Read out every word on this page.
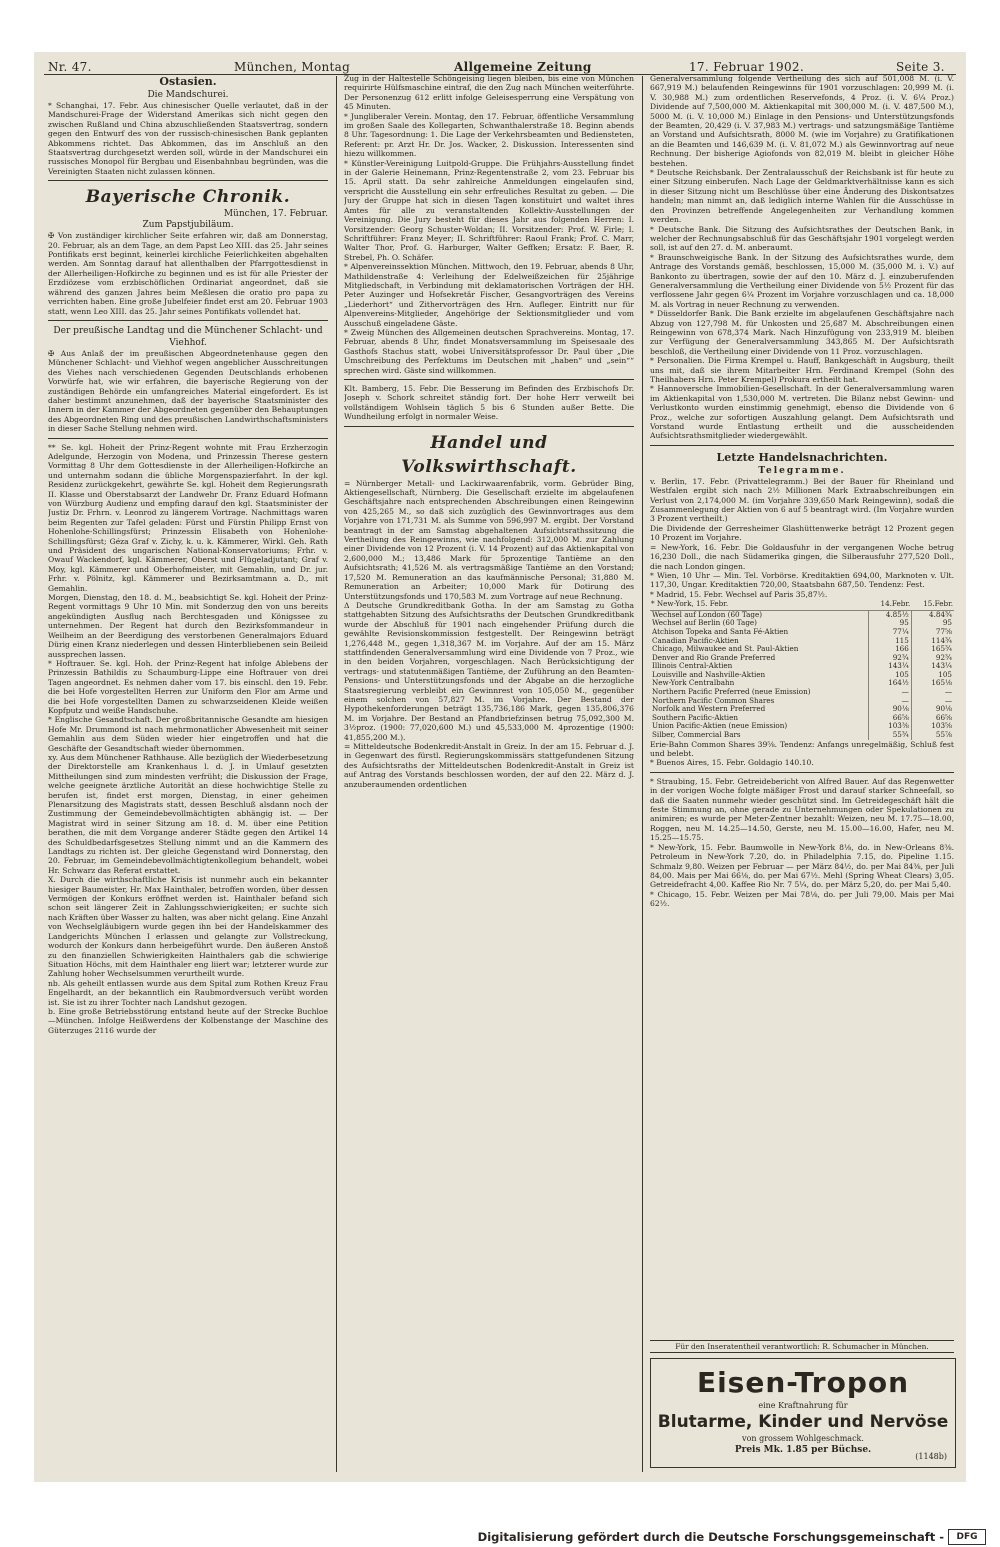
Nr. 47.	München, Montag	Allgemeine Zeitung	17. Februar 1902.	Seite 3.

Ostasien.

Die Mandschurei.

* Schanghai, 17. Febr. Aus chinesischer Quelle verlautet, daß in der Mandschurei-Frage der Widerstand Amerikas sich nicht gegen den zwischen Rußland und China abzuschließenden Staatsvertrag, sondern gegen den Entwurf des von der russisch-chinesischen Bank geplanten Abkommens richtet. Das Abkommen, das im Anschluß an den Staatsvertrag durchgesetzt werden soll, würde in der Mandschurei ein russisches Monopol für Bergbau und Eisenbahnbau begründen, was die Vereinigten Staaten nicht zulassen können.

Bayerische Chronik.

München, 17. Februar.

Zum Papstjubiläum.

✠ Von zuständiger kirchlicher Seite erfahren wir, daß am Donnerstag, 20. Februar, als an dem Tage, an dem Papst Leo XIII. das 25. Jahr seines Pontifikats erst beginnt, keinerlei kirchliche Feierlichkeiten abgehalten werden. Am Sonntag darauf hat allenthalben der Pfarrgottesdienst in der Allerheiligen-Hofkirche zu beginnen und es ist für alle Priester der Erzdiözese vom erzbischöflichen Ordinariat angeordnet, daß sie während des ganzen Jahres beim Meßlesen die oratio pro papa zu verrichten haben. Eine große Jubelfeier findet erst am 20. Februar 1903 statt, wenn Leo XIII. das 25. Jahr seines Pontifikats vollendet hat.

Der preußische Landtag und die Münchener Schlacht- und Viehhof.

✠ Aus Anlaß der im preußischen Abgeordnetenhause gegen den Münchener Schlacht- und Viehhof wegen angeblicher Ausschreitungen des Viehes nach verschiedenen Gegenden Deutschlands erhobenen Vorwürfe hat, wie wir erfahren, die bayerische Regierung von der zuständigen Behörde ein umfangreiches Material eingefordert. Es ist daher bestimmt anzunehmen, daß der bayerische Staatsminister des Innern in der Kammer der Abgeordneten gegenüber den Behauptungen des Abgeordneten Ring und des preußischen Landwirthschaftsministers in dieser Sache Stellung nehmen wird.

** Se. kgl. Hoheit der Prinz-Regent wohnte mit Frau Erzherzogin Adelgunde, Herzogin von Modena, und Prinzessin Therese gestern Vormittag 8 Uhr dem Gottesdienste in der Allerheiligen-Hofkirche an und unternahm sodann die übliche Morgenspazierfahrt. In der kgl. Residenz zurückgekehrt, gewährte Se. kgl. Hoheit dem Regierungsrath II. Klasse und Oberstabsarzt der Landwehr Dr. Franz Eduard Hofmann von Würzburg Audienz und empfing darauf den kgl. Staatsminister der Justiz Dr. Frhrn. v. Leonrod zu längerem Vortrage. Nachmittags waren beim Regenten zur Tafel geladen: Fürst und Fürstin Philipp Ernst von Hohenlohe-Schillingsfürst; Prinzessin Elisabeth von Hohenlohe-Schillingsfürst; Géza Graf v. Zichy, k. u. k. Kämmerer, Wirkl. Geh. Rath und Präsident des ungarischen National-Konservatoriums; Frhr. v. Owauf Wackendorf, kgl. Kämmerer, Oberst und Flügeladjutant; Graf v. Moy, kgl. Kämmerer und Oberhofmeister, mit Gemahlin, und Dr. jur. Frhr. v. Pölnitz, kgl. Kämmerer und Bezirksamtmann a. D., mit Gemahlin.

Morgen, Dienstag, den 18. d. M., beabsichtigt Se. kgl. Hoheit der Prinz-Regent vormittags 9 Uhr 10 Min. mit Sonderzug den von uns bereits angekündigten Ausflug nach Berchtesgaden und Königssee zu unternehmen. Der Regent hat durch den Bezirksfommandeur in Weilheim an der Beerdigung des verstorbenen Generalmajors Eduard Dürig einen Kranz niederlegen und dessen Hinterbliebenen sein Beileid aussprechen lassen.

* Hoftrauer. Se. kgl. Hoh. der Prinz-Regent hat infolge Ablebens der Prinzessin Bathildis zu Schaumburg-Lippe eine Hoftrauer von drei Tagen angeordnet. Es nehmen daher vom 17. bis einschl. den 19. Febr. die bei Hofe vorgestellten Herren zur Uniform den Flor am Arme und die bei Hofe vorgestellten Damen zu schwarzseidenen Kleide weißen Kopfputz und weiße Handschuhe.

* Englische Gesandtschaft. Der großbritannische Gesandte am hiesigen Hofe Mr. Drummond ist nach mehrmonatlicher Abwesenheit mit seiner Gemahlin aus dem Süden wieder hier eingetroffen und hat die Geschäfte der Gesandtschaft wieder übernommen.

xy. Aus dem Münchener Rathhause. Alle bezüglich der Wiederbesetzung der Direktorstelle am Krankenhaus l. d. J. in Umlauf gesetzten Mittheilungen sind zum mindesten verfrüht; die Diskussion der Frage, welche geeignete ärztliche Autorität an diese hochwichtige Stelle zu berufen ist, findet erst morgen, Dienstag, in einer geheimen Plenarsitzung des Magistrats statt, dessen Beschluß alsdann noch der Zustimmung der Gemeindebevollmächtigten abhängig ist. — Der Magistrat wird in seiner Sitzung am 18. d. M. über eine Petition berathen, die mit dem Vorgange anderer Städte gegen den Artikel 14 des Schuldbedarfsgesetzes Stellung nimmt und an die Kammern des Landtags zu richten ist. Der gleiche Gegenstand wird Donnerstag, den 20. Februar, im Gemeindebevollmächtigtenkollegium behandelt, wobei Hr. Schwarz das Referat erstattet.

X. Durch die wirthschaftliche Krisis ist nunmehr auch ein bekannter hiesiger Baumeister, Hr. Max Hainthaler, betroffen worden, über dessen Vermögen der Konkurs eröffnet werden ist. Hainthaler befand sich schon seit längerer Zeit in Zahlungsschwierigkeiten; er suchte sich nach Kräften über Wasser zu halten, was aber nicht gelang. Eine Anzahl von Wechselgläubigern wurde gegen ihn bei der Handelskammer des Landgerichts München I erlassen und gelangte zur Vollstreckung, wodurch der Konkurs dann herbeigeführt wurde. Den äußeren Anstoß zu den finanziellen Schwierigkeiten Hainthalers gab die schwierige Situation Höchs, mit dem Hainthaler eng liiert war; letzterer wurde zur Zahlung hoher Wechselsummen verurtheilt wurde.

nb. Als geheilt entlassen wurde aus dem Spital zum Rothen Kreuz Frau Engelhardt, an der bekanntlich ein Raubmordversuch verübt worden ist. Sie ist zu ihrer Tochter nach Landshut gezogen.

b. Eine große Betriebsstörung entstand heute auf der Strecke Buchloe—München. Infolge Heißwerdens der Kolbenstange der Maschine des Güterzuges 2116 wurde der

Zug in der Haltestelle Schöngeising liegen bleiben, bis eine von München requirirte Hülfsmaschine eintraf, die den Zug nach München weiterführte. Der Personenzug 612 erlitt infolge Geleisesperrung eine Verspätung von 45 Minuten.

* Jungliberaler Verein. Montag, den 17. Februar, öffentliche Versammlung im großen Saale des Kollegarten, Schwanthalerstraße 18. Beginn abends 8 Uhr. Tagesordnung: 1. Die Lage der Verkehrsbeamten und Bediensteten, Referent: pr. Arzt Hr. Dr. Jos. Wacker, 2. Diskussion. Interessenten sind hiezu willkommen.

* Künstler-Vereinigung Luitpold-Gruppe. Die Frühjahrs-Ausstellung findet in der Galerie Heinemann, Prinz-Regentenstraße 2, vom 23. Februar bis 15. April statt. Da sehr zahlreiche Anmeldungen eingelaufen sind, verspricht die Ausstellung ein sehr erfreuliches Resultat zu geben. — Die Jury der Gruppe hat sich in diesen Tagen konstituirt und waltet ihres Amtes für alle zu veranstaltenden Kollektiv-Ausstellungen der Vereinigung. Die Jury besteht für dieses Jahr aus folgenden Herren: I. Vorsitzender: Georg Schuster-Woldan; II. Vorsitzender: Prof. W. Firle; I. Schriftführer: Franz Meyer; II. Schriftführer: Raoul Frank; Prof. C. Marr, Walter Thor, Prof. G. Harburger, Walter Geffken; Ersatz: F. Baer, R. Strebel, Ph. O. Schäfer.

* Alpenvereinssektion München. Mittwoch, den 19. Februar, abends 8 Uhr, Mathildenstraße 4: Verleihung der Edelweißzeichen für 25jährige Mitgliedschaft, in Verbindung mit deklamatorischen Vorträgen der HH. Peter Auzinger und Hofsekretär Fischer, Gesangvorträgen des Vereins „Liederhort“ und Zithervorträgen des Hrn. Aufleger. Eintritt nur für Alpenvereins-Mitglieder, Angehörige der Sektionsmitglieder und vom Ausschuß eingeladene Gäste.

* Zweig München des Allgemeinen deutschen Sprachvereins. Montag, 17. Februar, abends 8 Uhr, findet Monatsversammlung im Speisesaale des Gasthofs Stachus statt, wobei Universitätsprofessor Dr. Paul über „Die Umschreibung des Perfektums im Deutschen mit „haben“ und „sein““ sprechen wird. Gäste sind willkommen.

Klt. Bamberg, 15. Febr. Die Besserung im Befinden des Erzbischofs Dr. Joseph v. Schork schreitet ständig fort. Der hohe Herr verweilt bei vollständigem Wohlsein täglich 5 bis 6 Stunden außer Bette. Die Wundheilung erfolgt in normaler Weise.

Handel und Volkswirthschaft.

= Nürnberger Metall- und Lackirwaarenfabrik, vorm. Gebrüder Bing, Aktiengesellschaft, Nürnberg. Die Gesellschaft erzielte im abgelaufenen Geschäftsjahre nach entsprechenden Abschreibungen einen Reingewinn von 425,265 M., so daß sich zuzüglich des Gewinnvortrages aus dem Vorjahre von 171,731 M. als Summe von 596,997 M. ergibt. Der Vorstand beantragt in der am Samstag abgehaltenen Aufsichtsrathssitzung die Vertheilung des Reingewinns, wie nachfolgend: 312,000 M. zur Zahlung einer Dividende von 12 Prozent (i. V. 14 Prozent) auf das Aktienkapital von 2,600,000 M.; 13,486 Mark für 5prozentige Tantième an den Aufsichtsrath; 41,526 M. als vertragsmäßige Tantième an den Vorstand; 17,520 M. Remuneration an das kaufmännische Personal; 31,880 M. Remuneration an Arbeiter; 10,000 Mark für Dotirung des Unterstützungsfonds und 170,583 M. zum Vortrage auf neue Rechnung.

Δ Deutsche Grundkreditbank Gotha. In der am Samstag zu Gotha stattgehabten Sitzung des Aufsichtsraths der Deutschen Grundkreditbank wurde der Abschluß für 1901 nach eingehender Prüfung durch die gewählte Revisionskommission festgestellt. Der Reingewinn beträgt 1,276,448 M., gegen 1,318,367 M. im Vorjahre. Auf der am 15. März stattfindenden Generalversammlung wird eine Dividende von 7 Proz., wie in den beiden Vorjahren, vorgeschlagen. Nach Berücksichtigung der vertrags- und statutenmäßigen Tantième, der Zuführung an den Beamten-Pensions- und Unterstützungsfonds und der Abgabe an die herzogliche Staatsregierung verbleibt ein Gewinnrest von 105,050 M., gegenüber einem solchen von 57,827 M. im Vorjahre. Der Bestand der Hypothekenforderungen beträgt 135,736,186 Mark, gegen 135,806,376 M. im Vorjahre. Der Bestand an Pfandbriefzinsen betrug 75,092,300 M. 3½proz. (1900: 77,020,600 M.) und 45,533,000 M. 4prozentige (1900: 41,855,200 M.).

= Mitteldeutsche Bodenkredit-Anstalt in Greiz. In der am 15. Februar d. J. in Gegenwart des fürstl. Regierungskommissärs stattgefundenen Sitzung des Aufsichtsraths der Mitteldeutschen Bodenkredit-Anstalt in Greiz ist auf Antrag des Vorstands beschlossen worden, der auf den 22. März d. J. anzuberaumenden ordentlichen

Generalversammlung folgende Vertheilung des sich auf 501,008 M. (i. V. 667,919 M.) belaufenden Reingewinns für 1901 vorzuschlagen: 20,999 M. (i. V. 30,988 M.) zum ordentlichen Reservefonds, 4 Proz. (i. V. 6¼ Proz.) Dividende auf 7,500,000 M. Aktienkapital mit 300,000 M. (i. V. 487,500 M.), 5000 M. (i. V. 10,000 M.) Einlage in den Pensions- und Unterstützungsfonds der Beamten, 20,429 (i. V. 37,983 M.) vertrags- und satzungsmäßige Tantième an Vorstand und Aufsichtsrath, 8000 M. (wie im Vorjahre) zu Gratifikationen an die Beamten und 146,639 M. (i. V. 81,072 M.) als Gewinnvortrag auf neue Rechnung. Der bisherige Agiofonds von 82,019 M. bleibt in gleicher Höhe bestehen.

* Deutsche Reichsbank. Der Zentralausschuß der Reichsbank ist für heute zu einer Sitzung einberufen. Nach Lage der Geldmarktverhältnisse kann es sich in dieser Sitzung nicht um Beschlüsse über eine Änderung des Diskontsatzes handeln; man nimmt an, daß lediglich interne Wahlen für die Ausschüsse in den Provinzen betreffende Angelegenheiten zur Verhandlung kommen werden.

* Deutsche Bank. Die Sitzung des Aufsichtsrathes der Deutschen Bank, in welcher der Rechnungsabschluß für das Geschäftsjahr 1901 vorgelegt werden soll, ist auf den 27. d. M. anberaumt.

* Braunschweigische Bank. In der Sitzung des Aufsichtsrathes wurde, dem Antrage des Vorstands gemäß, beschlossen, 15,000 M. (35,000 M. i. V.) auf Bankonto zu übertragen, sowie der auf den 10. März d. J. einzuberufenden Generalversammlung die Vertheilung einer Dividende von 5½ Prozent für das verflossene Jahr gegen 6¼ Prozent im Vorjahre vorzuschlagen und ca. 18,000 M. als Vortrag in neuer Rechnung zu verwenden.

* Düsseldorfer Bank. Die Bank erzielte im abgelaufenen Geschäftsjahre nach Abzug von 127,798 M. für Unkosten und 25,687 M. Abschreibungen einen Reingewinn von 678,374 Mark. Nach Hinzufügung von 233,919 M. bleiben zur Verfügung der Generalversammlung 343,865 M. Der Aufsichtsrath beschloß, die Vertheilung einer Dividende von 11 Proz. vorzuschlagen.

* Personalien. Die Firma Krempel u. Hauff, Bankgeschäft in Augsburg, theilt uns mit, daß sie ihrem Mitarbeiter Hrn. Ferdinand Krempel (Sohn des Theilhabers Hrn. Peter Krempel) Prokura ertheilt hat.

* Hannoversche Immobilien-Gesellschaft. In der Generalversammlung waren im Aktienkapital von 1,530,000 M. vertreten. Die Bilanz nebst Gewinn- und Verlustkonto wurden einstimmig genehmigt, ebenso die Dividende von 6 Proz., welche zur sofortigen Auszahlung gelangt. Dem Aufsichtsrath und Vorstand wurde Entlastung ertheilt und die ausscheidenden Aufsichtsrathsmitglieder wiedergewählt.

Letzte Handelsnachrichten.

Telegramme.

v. Berlin, 17. Febr. (Privattelegramm.) Bei der Bauer für Rheinland und Westfalen ergibt sich nach 2½ Millionen Mark Extraabschreibungen ein Verlust von 2,174,000 M. (im Vorjahre 339,650 Mark Reingewinn), sodaß die Zusammenlegung der Aktien von 6 auf 5 beantragt wird. (Im Vorjahre wurden 3 Prozent vertheilt.)

Die Dividende der Gerresheimer Glashüttenwerke beträgt 12 Prozent gegen 10 Prozent im Vorjahre.

= New-York, 16. Febr. Die Goldausfuhr in der vergangenen Woche betrug 16,230 Doll., die nach Südamerika gingen, die Silberausfuhr 277,520 Doll., die nach London gingen.

* Wien, 10 Uhr — Min. Tel. Vorbörse. Kreditaktien 694,00, Marknoten v. Ult. 117,30, Ungar. Kreditaktien 720,00, Staatsbahn 687,50. Tendenz: Fest.

* Madrid, 15. Febr. Wechsel auf Paris 35,87½.

* New-York, 15. Febr.	14.Febr.	15.Febr.
Wechsel auf London (60 Tage)	4.85½	4.84¾
Wechsel auf Berlin (60 Tage)	95	95
Atchison Topeka and Santa Fé-Aktien	77¼	77⅝
Canadian Pacific-Aktien	115	114¾
Chicago, Milwaukee and St. Paul-Aktien	166	165¾
Denver and Rio Grande Preferred	92¾	92¾
Illinois Central-Aktien	143¼	143¼
Louisville and Nashville-Aktien	105	105
New-York Centralbahn	164½	165⅛
Northern Pacific Preferred (neue Emission)	—	—
Northern Pacific Common Shares	—	—
Norfolk and Western Preferred	90⅛	90⅛
Southern Pacific-Aktien	66⅝	66⅝
Union Pacific-Aktien (neue Emission)	103⅜	103⅝
Silber, Commercial Bars	55¾	55⅞

Erie-Bahn Common Shares 39⅝. Tendenz: Anfangs unregelmäßig, Schluß fest und belebt.

* Buenos Aires, 15. Febr. Goldagio 140.10.

* Straubing, 15. Febr. Getreidebericht von Alfred Bauer. Auf das Regenwetter in der vorigen Woche folgte mäßiger Frost und darauf starker Schneefall, so daß die Saaten nunmehr wieder geschützt sind. Im Getreidegeschäft hält die feste Stimmung an, ohne gerade zu Unternehmungen oder Spekulationen zu animiren; es wurde per Meter-Zentner bezahlt: Weizen, neu M. 17.75—18.00, Roggen, neu M. 14.25—14.50, Gerste, neu M. 15.00—16.00, Hafer, neu M. 15.25—15.75.

* New-York, 15. Febr. Baumwolle in New-York 8⅛, do. in New-Orleans 8⅜. Petroleum in New-York 7.20, do. in Philadelphia 7.15, do. Pipeline 1.15. Schmalz 9,80. Weizen per Februar — per März 84½, do. per Mai 84⅜, per Juli 84,00. Mais per Mai 66⅛, do. per Mai 67½. Mehl (Spring Wheat Clears) 3,05. Getreidefracht 4,00. Kaffee Rio Nr. 7 5¼, do. per März 5,20, do. per Mai 5,40.

* Chicago, 15. Febr. Weizen per Mai 78⅛, do. per Juli 79,00. Mais per Mai 62½.

Für den Inseratentheil verantwortlich: R. Schumacher in München.
Eisen-Tropon
eine Kraftnahrung für
Blutarme, Kinder und Nervöse
von grossem Wohlgeschmack.
Preis Mk. 1.85 per Büchse.
(1148b)
Digitalisierung gefördert durch die Deutsche Forschungsgemeinschaft -	DFG
